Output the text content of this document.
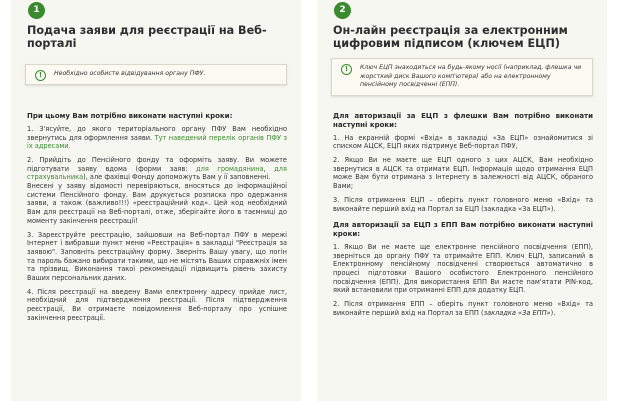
1
Подача заяви для реєстрації на Веб-порталі
!	Необхідно особисте відвідування органу ПФУ.
При цьому Вам потрібно виконати наступні кроки:
1. З'ясуйте, до якого територіального органу ПФУ Вам необхідно звернутись для оформлення заяви. Тут наведений перелік органів ПФУ з їх адресами.
2. Прийдіть до Пенсійного фонду та оформіть заяву. Ви можете підготувати заяву вдома (форми заяв: для громадянина, для страхувальника), але фахівці Фонду допоможуть Вам у її заповненні.
Внесені у заяву відомості перевіряються, вносяться до інформаційної системи Пенсійного фонду. Вам друкується розписка про одержання заяви, а також (важливо!!!) «реєстраційний код». Цей код необхідний Вам для реєстрації на Веб-порталі, отже, зберігайте його в таємниці до моменту закінчення реєстрації!
3. Зареєструйте реєстрацію, зайшовши на Веб-портал ПФУ в мережі Інтернет і вибравши пункт меню «Реєстрація» в закладці "Реєстрація за заявою". Заповніть реєстраційну форму. Зверніть Вашу увагу, що логін та пароль бажано вибирати такими, що не містять Ваших справжніх імен та прізвищ. Виконання такої рекомендації підвищить рівень захисту Ваших персональних даних.
4. Після реєстрації на введену Вами електронну адресу прийде лист, необхідний для підтвердження реєстрації. Після підтвердження реєстрації, Ви отримаєте повідомлення Веб-порталу про успішне закінчення реєстрації.
2
Он-лайн реєстрація за електронним цифровим підписом (ключем ЕЦП)
!	Ключ ЕЦП знаходиться на будь-якому носії (наприклад, флешка чи жорсткий диск Вашого комп'ютера) або на електронному пенсійному посвідченні (ЕПП).
Для авторизації за ЕЦП з флешки Вам потрібно виконати наступні кроки:
1. На екранній формі «Вхід» в закладці «За ЕЦП» ознайомитися зі списком АЦСК, ЕЦП яких підтримує Веб-портал ПФУ,
2. Якщо Ви не маєте ще ЕЦП одного з цих АЦСК, Вам необхідно звернутися в АЦСК та отримати ЕЦП. Інформація щодо отримання ЕЦП може Вам бути отримана з Інтернету в залежності від АЦСК, обраного Вами;
3. Після отримання ЕЦП – оберіть пункт головного меню «Вхід» та виконайте перший вхід на Портал за ЕЦП (закладка «За ЕЦП»).
Для авторизації за ЕЦП з ЕПП Вам потрібно виконати наступні кроки:
1. Якщо Ви не маєте ще електронне пенсійного посвідчення (ЕПП), зверніться до органу ПФУ та отримайте ЕПП. Ключ ЕЦП, записаний в Електронному пенсійному посвідченні створюється автоматично в процесі підготовки Вашого особистого Електронного пенсійного посвідчення (ЕПП). Для використання ЕПП Ви маєте пам'ятати PIN-код, який встановили при отриманні ЕПП для додатку ЕЦП.
2. Після отримання ЕПП – оберіть пункт головного меню «Вхід» та виконайте перший вхід на Портал за ЕПП (закладка «За ЕПП»).
